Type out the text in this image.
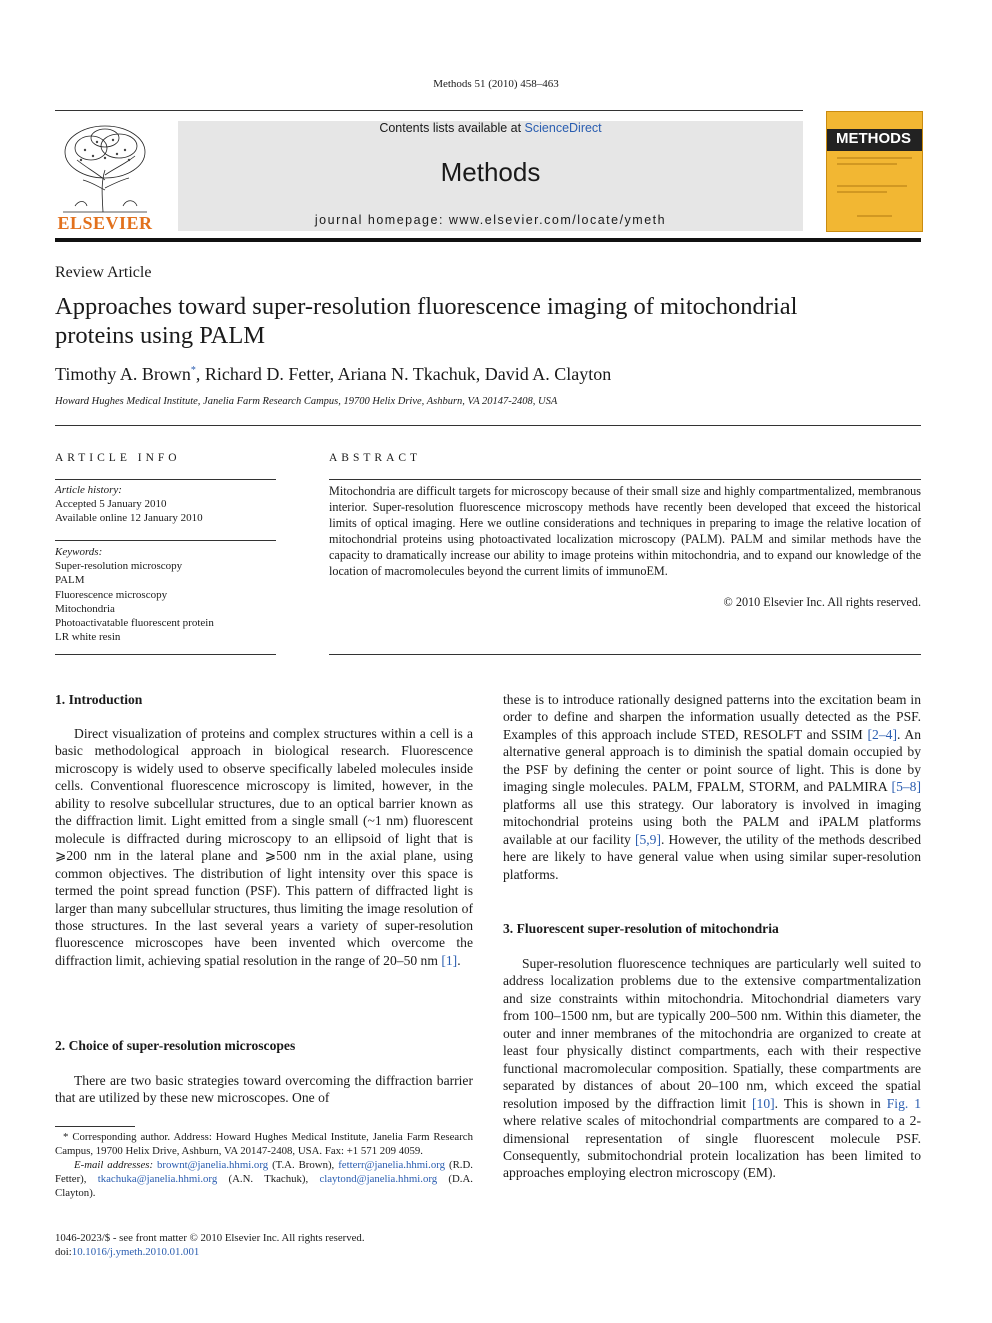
Methods 51 (2010) 458–463
ELSEVIER
Contents lists available at ScienceDirect
Methods
journal homepage: www.elsevier.com/locate/ymeth
METHODS
Review Article
Approaches toward super-resolution fluorescence imaging of mitochondrial
proteins using PALM
Timothy A. Brown*, Richard D. Fetter, Ariana N. Tkachuk, David A. Clayton
Howard Hughes Medical Institute, Janelia Farm Research Campus, 19700 Helix Drive, Ashburn, VA 20147-2408, USA
ARTICLE INFO	ABSTRACT
Article history:
Accepted 5 January 2010
Available online 12 January 2010
Keywords:
Super-resolution microscopy
PALM
Fluorescence microscopy
Mitochondria
Photoactivatable fluorescent protein
LR white resin
Mitochondria are difficult targets for microscopy because of their small size and highly compartmentalized, membranous interior. Super-resolution fluorescence microscopy methods have recently been developed that exceed the historical limits of optical imaging. Here we outline considerations and techniques in preparing to image the relative location of mitochondrial proteins using photoactivated localization microscopy (PALM). PALM and similar methods have the capacity to dramatically increase our ability to image proteins within mitochondria, and to expand our knowledge of the location of macromolecules beyond the current limits of immunoEM.
© 2010 Elsevier Inc. All rights reserved.
1. Introduction
Direct visualization of proteins and complex structures within a cell is a basic methodological approach in biological research. Fluorescence microscopy is widely used to observe specifically labeled molecules inside cells. Conventional fluorescence microscopy is limited, however, in the ability to resolve subcellular structures, due to an optical barrier known as the diffraction limit. Light emitted from a single small (~1 nm) fluorescent molecule is diffracted during microscopy to an ellipsoid of light that is ⩾200 nm in the lateral plane and ⩾500 nm in the axial plane, using common objectives. The distribution of light intensity over this space is termed the point spread function (PSF). This pattern of diffracted light is larger than many subcellular structures, thus limiting the image resolution of those structures. In the last several years a variety of super-resolution fluorescence microscopes have been invented which overcome the diffraction limit, achieving spatial resolution in the range of 20–50 nm [1].
2. Choice of super-resolution microscopes
There are two basic strategies toward overcoming the diffraction barrier that are utilized by these new microscopes. One of
these is to introduce rationally designed patterns into the excitation beam in order to define and sharpen the information usually detected as the PSF. Examples of this approach include STED, RESOLFT and SSIM [2–4]. An alternative general approach is to diminish the spatial domain occupied by the PSF by defining the center or point source of light. This is done by imaging single molecules. PALM, FPALM, STORM, and PALMIRA [5–8] platforms all use this strategy. Our laboratory is involved in imaging mitochondrial proteins using both the PALM and iPALM platforms available at our facility [5,9]. However, the utility of the methods described here are likely to have general value when using similar super-resolution platforms.
3. Fluorescent super-resolution of mitochondria
Super-resolution fluorescence techniques are particularly well suited to address localization problems due to the extensive compartmentalization and size constraints within mitochondria. Mitochondrial diameters vary from 100–1500 nm, but are typically 200–500 nm. Within this diameter, the outer and inner membranes of the mitochondria are organized to create at least four physically distinct compartments, each with their respective functional macromolecular composition. Spatially, these compartments are separated by distances of about 20–100 nm, which exceed the spatial resolution imposed by the diffraction limit [10]. This is shown in Fig. 1 where relative scales of mitochondrial compartments are compared to a 2-dimensional representation of single fluorescent molecule PSF. Consequently, submitochondrial protein localization has been limited to approaches employing electron microscopy (EM).
* Corresponding author. Address: Howard Hughes Medical Institute, Janelia Farm Research Campus, 19700 Helix Drive, Ashburn, VA 20147-2408, USA. Fax: +1 571 209 4059.
E-mail addresses: brownt@janelia.hhmi.org (T.A. Brown), fetterr@janelia.hhmi.org (R.D. Fetter), tkachuka@janelia.hhmi.org (A.N. Tkachuk), claytond@janelia.hhmi.org (D.A. Clayton).
1046-2023/$ - see front matter © 2010 Elsevier Inc. All rights reserved.
doi:10.1016/j.ymeth.2010.01.001
